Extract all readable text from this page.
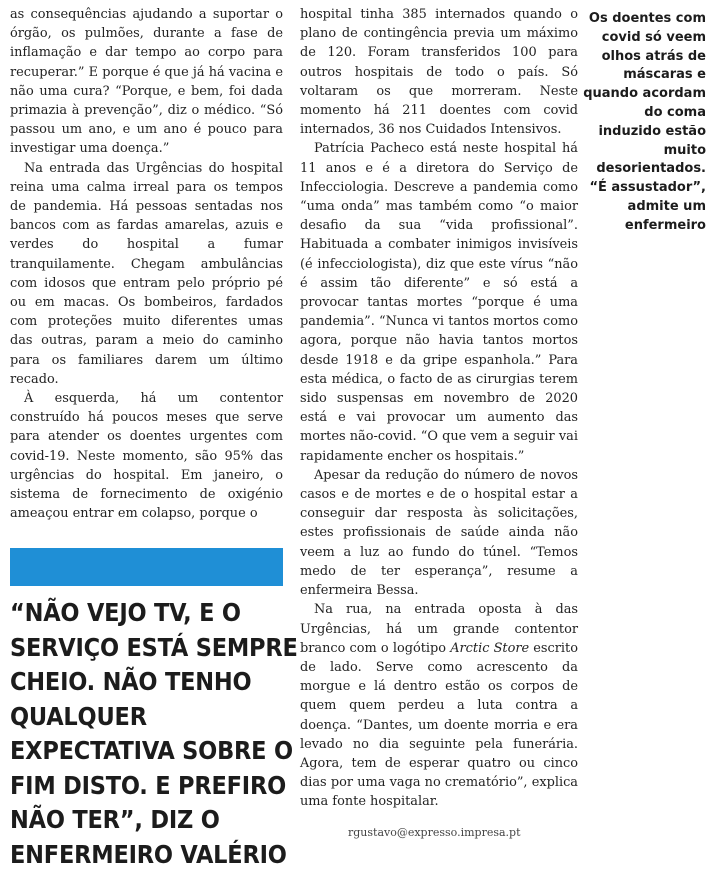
as consequências ajudando a suportar o órgão, os pulmões, durante a fase de inflamação e dar tempo ao corpo para recuperar.” E porque é que já há vacina e não uma cura? “Porque, e bem, foi dada primazia à prevenção”, diz o médico. “Só passou um ano, e um ano é pouco para investigar uma doença.”

Na entrada das Urgências do hospital reina uma calma irreal para os tempos de pandemia. Há pessoas sentadas nos bancos com as fardas amarelas, azuis e verdes do hospital a fumar tranquilamente. Chegam ambulâncias com idosos que entram pelo próprio pé ou em macas. Os bombeiros, fardados com proteções muito diferentes umas das outras, param a meio do caminho para os familiares darem um último recado.

À esquerda, há um contentor construído há poucos meses que serve para atender os doentes urgentes com covid-19. Neste momento, são 95% das urgências do hospital. Em janeiro, o sistema de fornecimento de oxigénio ameaçou entrar em colapso, porque o

“NÃO VEJO TV, E O SERVIÇO ESTÁ SEMPRE CHEIO. NÃO TENHO QUALQUER EXPECTATIVA SOBRE O FIM DISTO. E PREFIRO NÃO TER”, DIZ O ENFERMEIRO VALÉRIO

hospital tinha 385 internados quando o plano de contingência previa um máximo de 120. Foram transferidos 100 para outros hospitais de todo o país. Só voltaram os que morreram. Neste momento há 211 doentes com covid internados, 36 nos Cuidados Intensivos.

Patrícia Pacheco está neste hospital há 11 anos e é a diretora do Serviço de Infecciologia. Descreve a pandemia como “uma onda” mas também como “o maior desafio da sua “vida profissional”. Habituada a combater inimigos invisíveis (é infecciologista), diz que este vírus “não é assim tão diferente” e só está a provocar tantas mortes “porque é uma pandemia”. “Nunca vi tantos mortos como agora, porque não havia tantos mortos desde 1918 e da gripe espanhola.” Para esta médica, o facto de as cirurgias terem sido suspensas em novembro de 2020 está e vai provocar um aumento das mortes não-covid. “O que vem a seguir vai rapidamente encher os hospitais.”

Apesar da redução do número de novos casos e de mortes e de o hospital estar a conseguir dar resposta às solicitações, estes profissionais de saúde ainda não veem a luz ao fundo do túnel. “Temos medo de ter esperança”, resume a enfermeira Bessa.

Na rua, na entrada oposta à das Urgências, há um grande contentor branco com o logótipo Arctic Store escrito de lado. Serve como acrescento da morgue e lá dentro estão os corpos de quem quem perdeu a luta contra a doença. “Dantes, um doente morria e era levado no dia seguinte pela funerária. Agora, tem de esperar quatro ou cinco dias por uma vaga no crematório”, explica uma fonte hospitalar.

rgustavo@expresso.impresa.pt
Os doentes com covid só veem olhos atrás de máscaras e quando acordam do coma induzido estão muito desorientados. “É assustador”, admite um enfermeiro
